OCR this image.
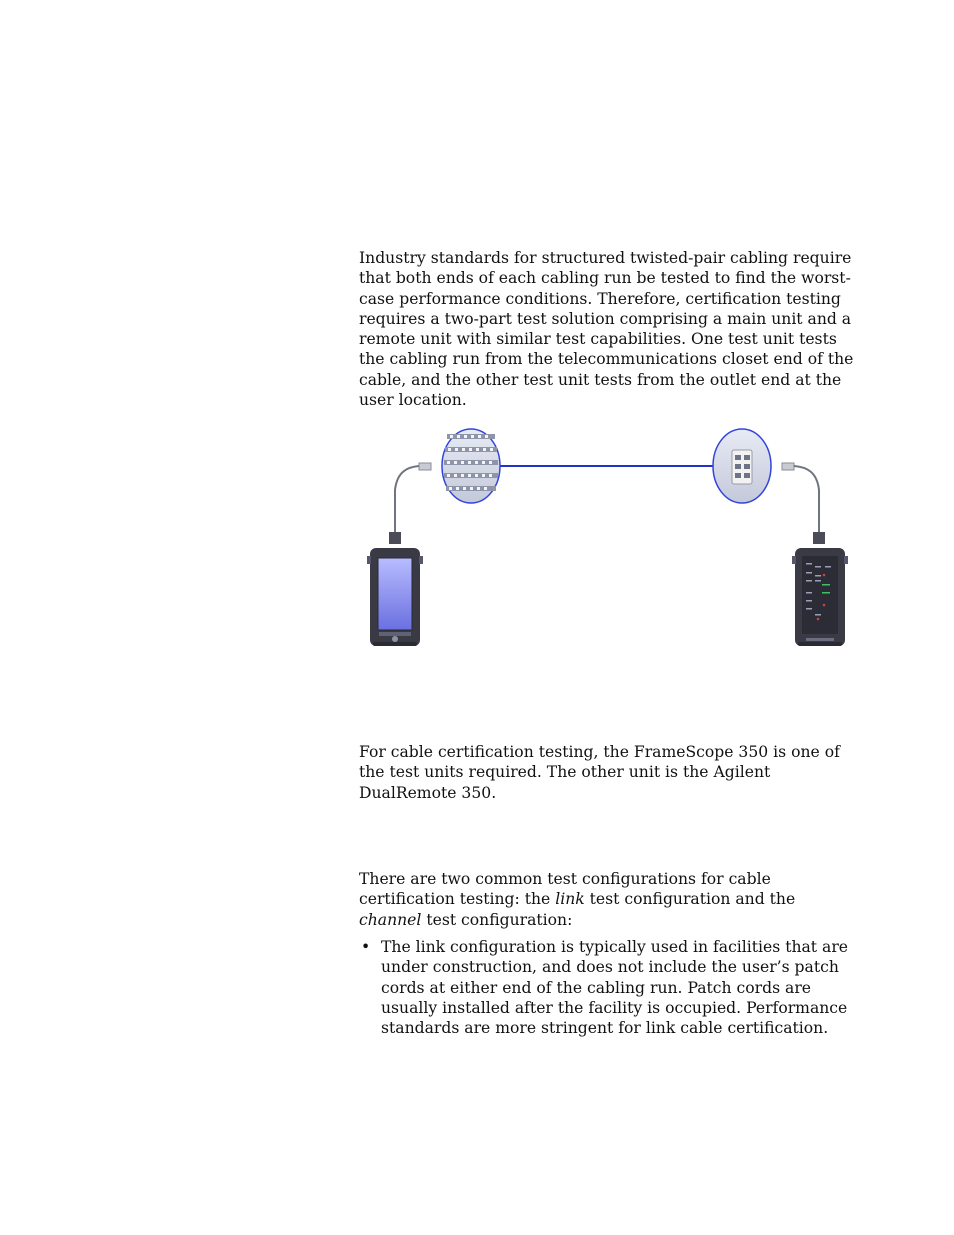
Industry standards for structured twisted-pair cabling require that both ends of each cabling run be tested to find the worst-case performance conditions. Therefore, certification testing requires a two-part test solution comprising a main unit and a remote unit with similar test capabilities. One test unit tests the cabling run from the telecommunications closet end of the cable, and the other test unit tests from the outlet end at the user location.

For cable certification testing, the FrameScope 350 is one of the test units required. The other unit is the Agilent DualRemote 350.

There are two common test configurations for cable certification testing: the link test configuration and the channel test configuration:

• The link configuration is typically used in facilities that are under construction, and does not include the user’s patch cords at either end of the cabling run. Patch cords are usually installed after the facility is occupied. Performance standards are more stringent for link cable certification.
